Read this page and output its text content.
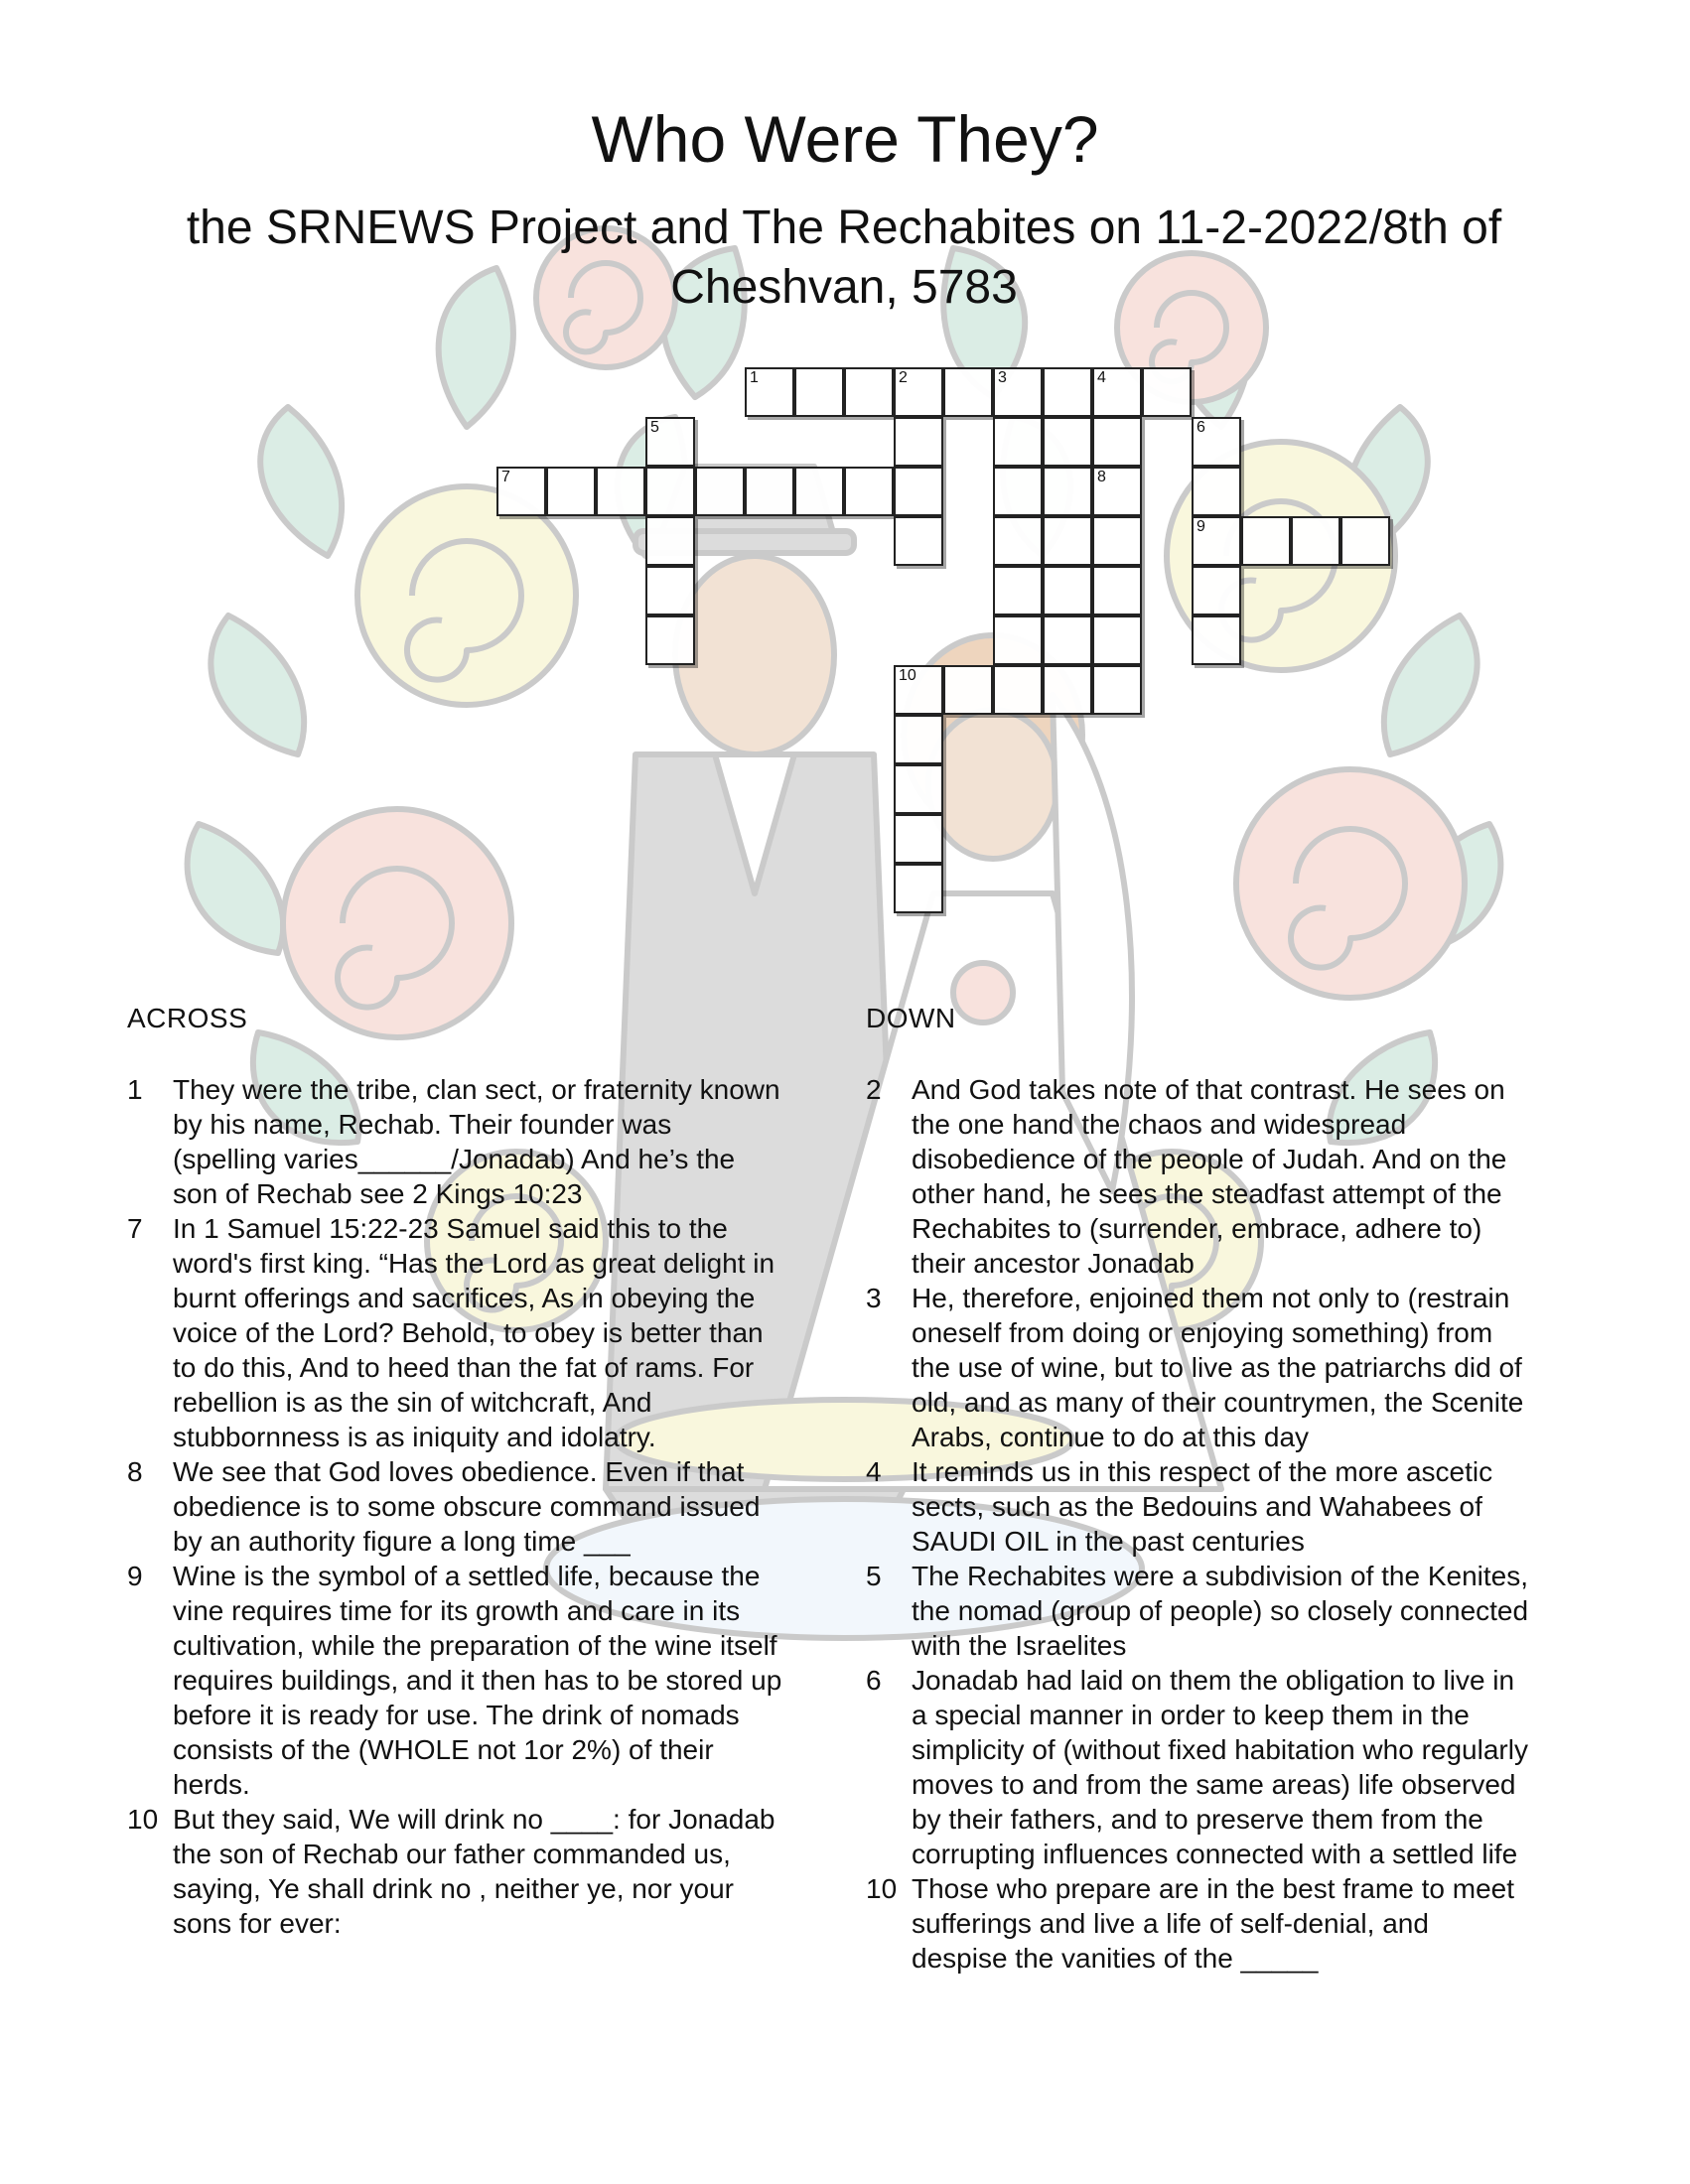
Who Were They?
the SRNEWS Project and The Rechabites on 11-2-2022/8th of Cheshvan, 5783
1	2	3	4
5	6
7	8
9
10
ACROSS	DOWN
1	They were the tribe, clan sect, or fraternity known by his name, Rechab. Their founder was (spelling varies______/Jonadab) And he’s the son of Rechab see 2 Kings 10:23
7	In 1 Samuel 15:22-23 Samuel said this to the word's first king. “Has the Lord as great delight in burnt offerings and sacrifices, As in obeying the voice of the Lord? Behold, to obey is better than to do this, And to heed than the fat of rams. For rebellion is as the sin of witchcraft, And stubbornness is as iniquity and idolatry.
8	We see that God loves obedience. Even if that obedience is to some obscure command issued by an authority figure a long time ___
9	Wine is the symbol of a settled life, because the vine requires time for its growth and care in its cultivation, while the preparation of the wine itself requires buildings, and it then has to be stored up before it is ready for use. The drink of nomads consists of the (WHOLE not 1or 2%) of their herds.
10 But they said, We will drink no ____: for Jonadab the son of Rechab our father commanded us, saying, Ye shall drink no , neither ye, nor your sons for ever:
2	And God takes note of that contrast. He sees on the one hand the chaos and widespread disobedience of the people of Judah. And on the other hand, he sees the steadfast attempt of the Rechabites to (surrender, embrace, adhere to) their ancestor Jonadab
3	He, therefore, enjoined them not only to (restrain oneself from doing or enjoying something) from the use of wine, but to live as the patriarchs did of old, and as many of their countrymen, the Scenite Arabs, continue to do at this day
4	It reminds us in this respect of the more ascetic sects, such as the Bedouins and Wahabees of SAUDI OIL in the past centuries
5	The Rechabites were a subdivision of the Kenites, the nomad (group of people) so closely connected with the Israelites
6	Jonadab had laid on them the obligation to live in a special manner in order to keep them in the simplicity of (without fixed habitation who regularly moves to and from the same areas) life observed by their fathers, and to preserve them from the corrupting influences connected with a settled life
10 Those who prepare are in the best frame to meet sufferings and live a life of self-denial, and despise the vanities of the _____
